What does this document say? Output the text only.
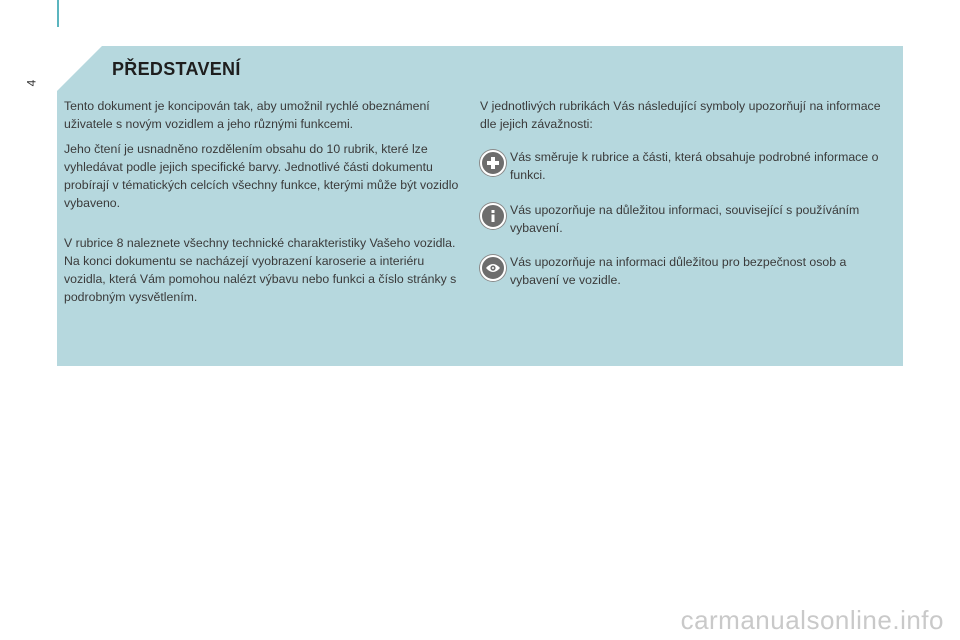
4
PŘEDSTAVENÍ

Tento dokument je koncipován tak, aby umožnil rychlé obeznámení uživatele s novým vozidlem a jeho různými funkcemi.

Jeho čtení je usnadněno rozdělením obsahu do 10 rubrik, které lze vyhledávat podle jejich specifické barvy. Jednotlivé části dokumentu probírají v tématických celcích všechny funkce, kterými může být vozidlo vybaveno.

V rubrice 8 naleznete všechny technické charakteristiky Vašeho vozidla. Na konci dokumentu se nacházejí vyobrazení karoserie a interiéru vozidla, která Vám pomohou nalézt výbavu nebo funkci a číslo stránky s podrobným vysvětlením.

V jednotlivých rubrikách Vás následující symboly upozorňují na informace dle jejich závažnosti:

Vás směruje k rubrice a části, která obsahuje podrobné informace o funkci.
Vás upozorňuje na důležitou informaci, související s používáním vybavení.
Vás upozorňuje na informaci důležitou pro bezpečnost osob a vybavení ve vozidle.
carmanualsonline.info
